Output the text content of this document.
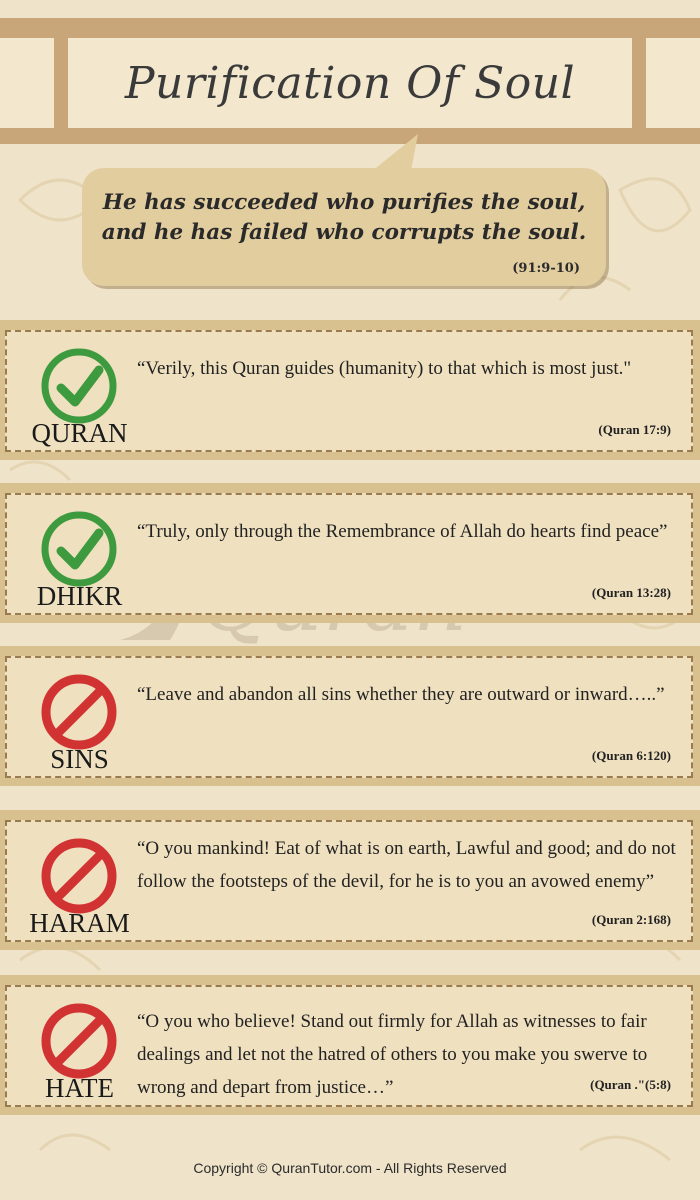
Purification Of Soul
He has succeeded who purifies the soul,
and he has failed who corrupts the soul.
(91:9-10)
QURAN
“Verily, this Quran guides (humanity) to that which is most just."
(Quran 17:9)
DHIKR
“Truly, only through the Remembrance of Allah do hearts find peace”
(Quran 13:28)
SINS
“Leave and abandon all sins whether they are outward or inward…..”
(Quran 6:120)
HARAM
“O you mankind! Eat of what is on earth, Lawful and good; and do not follow the footsteps of the devil, for he is to you an avowed enemy”
(Quran 2:168)
HATE
“O you who believe! Stand out firmly for Allah as witnesses to fair dealings and let not the hatred of others to you make you swerve to wrong and depart from justice…”	(Quran ."(5:8)
Copyright © QuranTutor.com - All Rights Reserved
